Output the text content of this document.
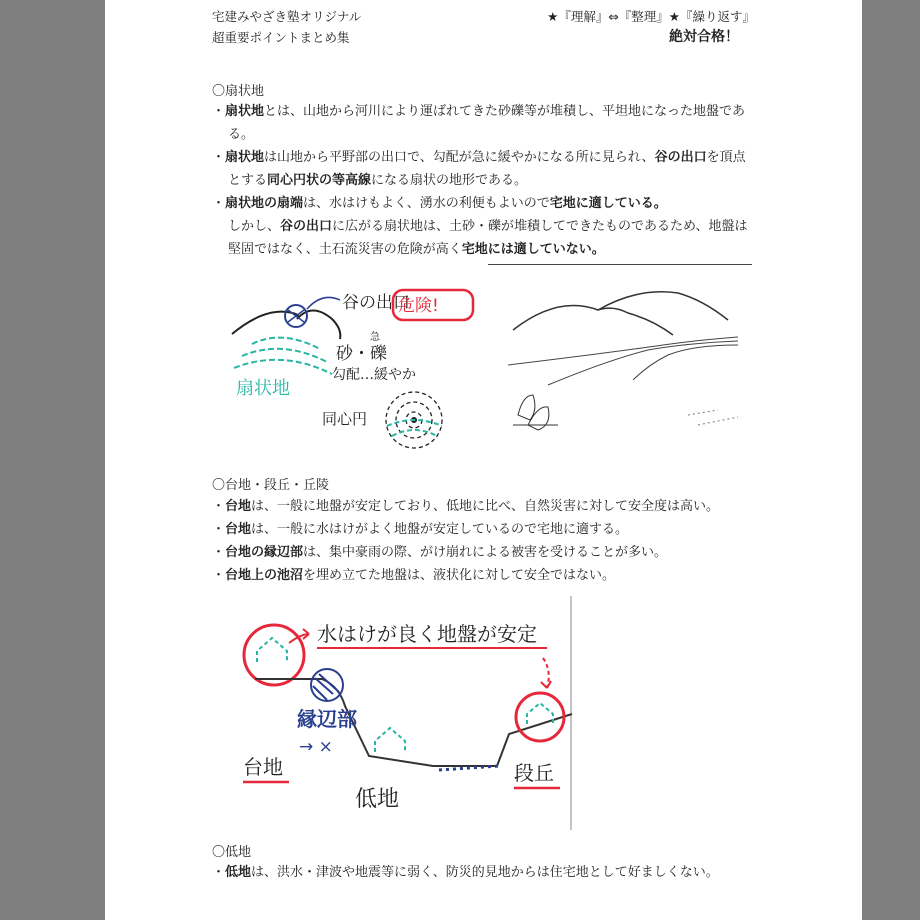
宅建みやざき塾オリジナル
超重要ポイントまとめ集
★『理解』⇔『整理』★『繰り返す』
絶対合格！
〇扇状地
・ 扇状地とは、山地から河川により運ばれてきた砂礫等が堆積し、平坦地になった地盤である。
・ 扇状地は山地から平野部の出口で、勾配が急に緩やかになる所に見られ、谷の出口を頂点とする同心円状の等高線になる扇状の地形である。
・ 扇状地の扇端は、水はけもよく、湧水の利便もよいので宅地に適している。
しかし、谷の出口に広がる扇状地は、土砂・礫が堆積してできたものであるため、地盤は堅固ではなく、土石流災害の危険が高く宅地には適していない。
谷の出口
危険!
急
砂・礫
勾配…緩やか
扇状地
同心円
〇台地・段丘・丘陵
・ 台地は、一般に地盤が安定しており、低地に比べ、自然災害に対して安全度は高い。
・ 台地は、一般に水はけがよく地盤が安定しているので宅地に適する。
・ 台地の縁辺部は、集中豪雨の際、がけ崩れによる被害を受けることが多い。
・ 台地上の池沼を埋め立てた地盤は、液状化に対して安全ではない。
水はけが良く地盤が安定
縁辺部
→ ×
台地
低地
段丘
〇低地
・ 低地は、洪水・津波や地震等に弱く、防災的見地からは住宅地として好ましくない。
